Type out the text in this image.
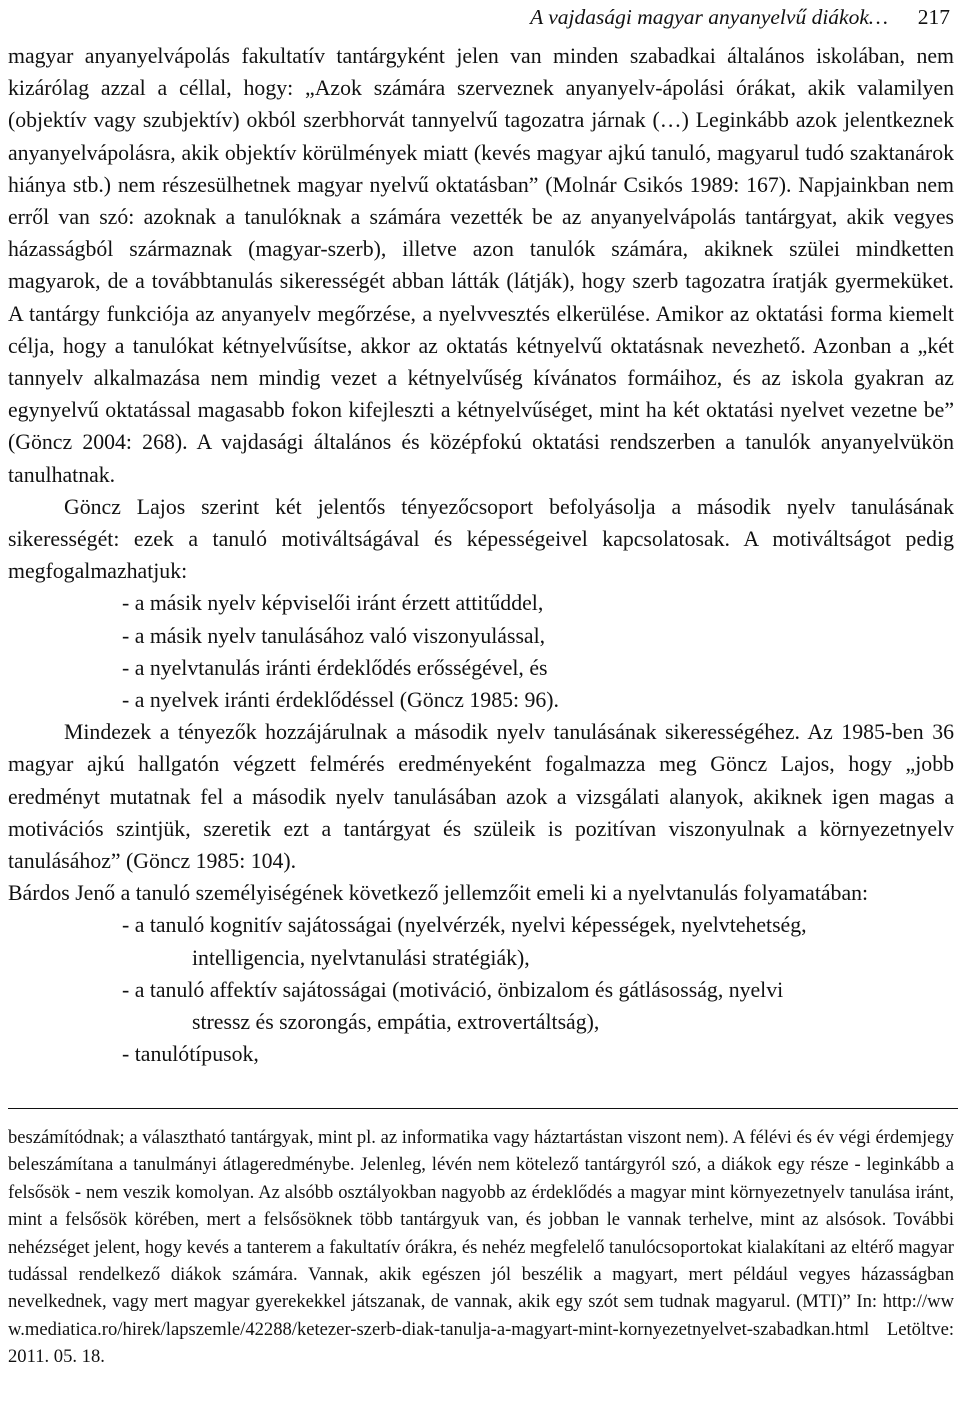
A vajdasági magyar anyanyelvű diákok… 217

magyar anyanyelvápolás fakultatív tantárgyként jelen van minden szabadkai általános iskolában, nem kizárólag azzal a céllal, hogy: „Azok számára szerveznek anyanyelv-ápolási órákat, akik valamilyen (objektív vagy szubjektív) okból szerbhorvát tannyelvű tagozatra járnak (…) Leginkább azok jelentkeznek anyanyelvápolásra, akik objektív körülmények miatt (kevés magyar ajkú tanuló, magyarul tudó szaktanárok hiánya stb.) nem részesülhetnek magyar nyelvű oktatásban” (Molnár Csikós 1989: 167). Napjainkban nem erről van szó: azoknak a tanulóknak a számára vezették be az anyanyelvápolás tantárgyat, akik vegyes házasságból származnak (magyar-szerb), illetve azon tanulók számára, akiknek szülei mindketten magyarok, de a továbbtanulás sikerességét abban látták (látják), hogy szerb tagozatra íratják gyermeküket. A tantárgy funkciója az anyanyelv megőrzése, a nyelvvesztés elkerülése. Amikor az oktatási forma kiemelt célja, hogy a tanulókat kétnyelvűsítse, akkor az oktatás kétnyelvű oktatásnak nevezhető. Azonban a „két tannyelv alkalmazása nem mindig vezet a kétnyelvűség kívánatos formáihoz, és az iskola gyakran az egynyelvű oktatással magasabb fokon kifejleszti a kétnyelvűséget, mint ha két oktatási nyelvet vezetne be” (Göncz 2004: 268). A vajdasági általános és középfokú oktatási rendszerben a tanulók anyanyelvükön tanulhatnak.

Göncz Lajos szerint két jelentős tényezőcsoport befolyásolja a második nyelv tanulásának sikerességét: ezek a tanuló motiváltságával és képességeivel kapcsolatosak. A motiváltságot pedig megfogalmazhatjuk:

- a másik nyelv képviselői iránt érzett attitűddel,
- a másik nyelv tanulásához való viszonyulással,
- a nyelvtanulás iránti érdeklődés erősségével, és
- a nyelvek iránti érdeklődéssel (Göncz 1985: 96).

Mindezek a tényezők hozzájárulnak a második nyelv tanulásának sikerességéhez. Az 1985-ben 36 magyar ajkú hallgatón végzett felmérés eredményeként fogalmazza meg Göncz Lajos, hogy „jobb eredményt mutatnak fel a második nyelv tanulásában azok a vizsgálati alanyok, akiknek igen magas a motivációs szintjük, szeretik ezt a tantárgyat és szüleik is pozitívan viszonyulnak a környezetnyelv tanulásához” (Göncz 1985: 104).

Bárdos Jenő a tanuló személyiségének következő jellemzőit emeli ki a nyelvtanulás folyamatában:

- a tanuló kognitív sajátosságai (nyelvérzék, nyelvi képességek, nyelvtehetség,
intelligencia, nyelvtanulási stratégiák),
- a tanuló affektív sajátosságai (motiváció, önbizalom és gátlásosság, nyelvi
stressz és szorongás, empátia, extrovertáltság),
- tanulótípusok,

beszámítódnak; a választható tantárgyak, mint pl. az informatika vagy háztartástan viszont nem). A félévi és év végi érdemjegy beleszámítana a tanulmányi átlageredménybe. Jelenleg, lévén nem kötelező tantárgyról szó, a diákok egy része - leginkább a felsősök - nem veszik komolyan. Az alsóbb osztályokban nagyobb az érdeklődés a magyar mint környezetnyelv tanulása iránt, mint a felsősök körében, mert a felsősöknek több tantárgyuk van, és jobban le vannak terhelve, mint az alsósok. További nehézséget jelent, hogy kevés a tanterem a fakultatív órákra, és nehéz megfelelő tanulócsoportokat kialakítani az eltérő magyar tudással rendelkező diákok számára. Vannak, akik egészen jól beszélik a magyart, mert például vegyes házasságban nevelkednek, vagy mert magyar gyerekekkel játszanak, de vannak, akik egy szót sem tudnak magyarul. (MTI)” In: http://www.mediatica.ro/hirek/lapszemle/42288/ketezer-szerb-diak-tanulja-a-magyart-mint-kornyezetnyelvet-szabadkan.html Letöltve: 2011. 05. 18.
